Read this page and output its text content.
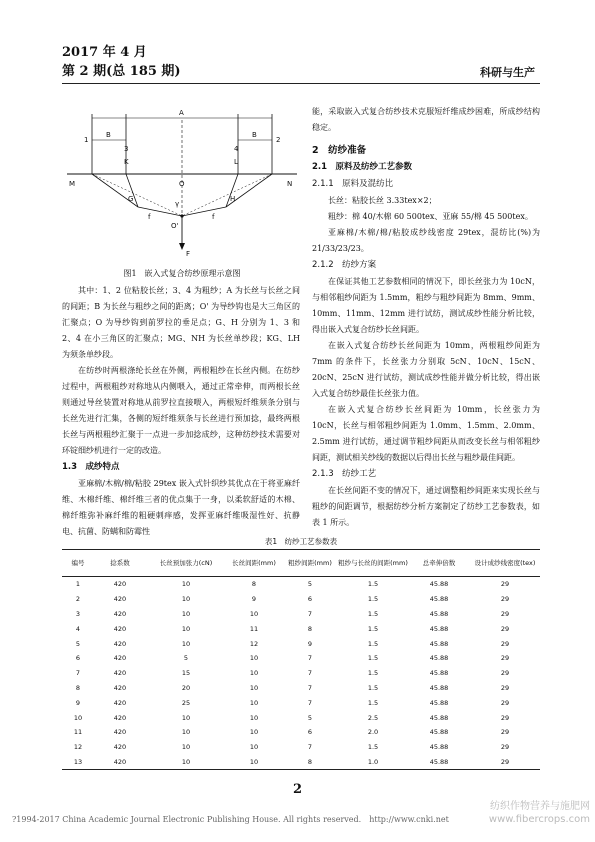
2017 年 4 月
第 2 期(总 185 期)	科研与生产
1
B
A
B
2
K	L
3	4
M	O	N
G	H
f	f
γ
O'
F
图1　嵌入式复合纺纱原理示意图

其中：1、2 位粘胶长丝；3、4 为粗纱；A 为长丝与长丝之间的间距；B 为长丝与粗纱之间的距离；O' 为导纱钩也是大三角区的汇聚点；O 为导纱钩到前罗拉的垂足点；G、H 分别为 1、3 和 2、4 在小三角区的汇聚点；MG、NH 为长丝单纱段；KG、LH 为须条单纱段。

在纺纱时两根涤纶长丝在外侧，两根粗纱在长丝内侧。在纺纱过程中，两根粗纱对称地从内侧喂入，通过正常牵伸，而两根长丝则通过导丝装置对称地从前罗拉直接喂入，两根短纤维须条分别与长丝先进行汇集，各侧的短纤维须条与长丝进行预加捻，最终两根长丝与两根粗纱汇聚于一点进一步加捻成纱，这种纺纱技术需要对环锭细纱机进行一定的改造。

1.3　成纱特点

亚麻棉/木棉/棉/粘胶 29tex 嵌入式针织纱其优点在于将亚麻纤维、木棉纤维、棉纤维三者的优点集于一身，以柔软舒适的木棉、棉纤维弥补麻纤维的粗硬刺痒感，发挥亚麻纤维吸湿性好、抗静电、抗菌、防螨和防霉性

能，采取嵌入式复合纺纱技术克服短纤维成纱困难，所成纱结构稳定。

2　纺纱准备
2.1　原料及纺纱工艺参数
2.1.1　原料及混纺比

长丝：粘胶长丝 3.33tex×2；

粗纱：棉 40/木棉 60 500tex、亚麻 55/棉 45 500tex。

亚麻棉/木棉/棉/粘胶成纱线密度 29tex，混纺比(%)为 21/33/23/23。

2.1.2　纺纱方案

在保证其他工艺参数相同的情况下，即长丝张力为 10cN，与相邻粗纱间距为 1.5mm，粗纱与粗纱间距为 8mm、9mm、10mm、11mm、12mm 进行试纺，测试成纱性能分析比较，得出嵌入式复合纺纱长丝间距。

在嵌入式复合纺纱长丝间距为 10mm，两根粗纱间距为 7mm 的条件下，长丝张力分别取 5cN、10cN、15cN、20cN、25cN 进行试纺，测试成纱性能并做分析比较，得出嵌入式复合纺纱最佳长丝张力值。

在嵌入式复合纺纱长丝间距为 10mm，长丝张力为 10cN，长丝与相邻粗纱间距为 1.0mm、1.5mm、2.0mm、2.5mm 进行试纺，通过调节粗纱间距从而改变长丝与相邻粗纱间距，测试相关纱线的数据以后得出长丝与粗纱最佳间距。

2.1.3　纺纱工艺

在长丝间距不变的情况下，通过调整粗纱间距来实现长丝与粗纱的间距调节，根据纺纱分析方案制定了纺纱工艺参数表，如表 1 所示。

表1　纺纱工艺参数表
编号	捻系数	长丝预加张力(cN)	长丝间距(mm)	粗纱间距(mm)	粗纱与长丝的间距(mm)	总牵伸倍数	设计成纱线密度(tex)
1	420	10	8	5	1.5	45.88	29
2	420	10	9	6	1.5	45.88	29
3	420	10	10	7	1.5	45.88	29
4	420	10	11	8	1.5	45.88	29
5	420	10	12	9	1.5	45.88	29
6	420	5	10	7	1.5	45.88	29
7	420	15	10	7	1.5	45.88	29
8	420	20	10	7	1.5	45.88	29
9	420	25	10	7	1.5	45.88	29
10	420	10	10	5	2.5	45.88	29
11	420	10	10	6	2.0	45.88	29
12	420	10	10	7	1.5	45.88	29
13	420	10	10	8	1.0	45.88	29
2
?1994-2017 China Academic Journal Electronic Publishing House. All rights reserved.　http://www.cnki.net
纺织作物营养与施肥网
www.fibercrops.com
